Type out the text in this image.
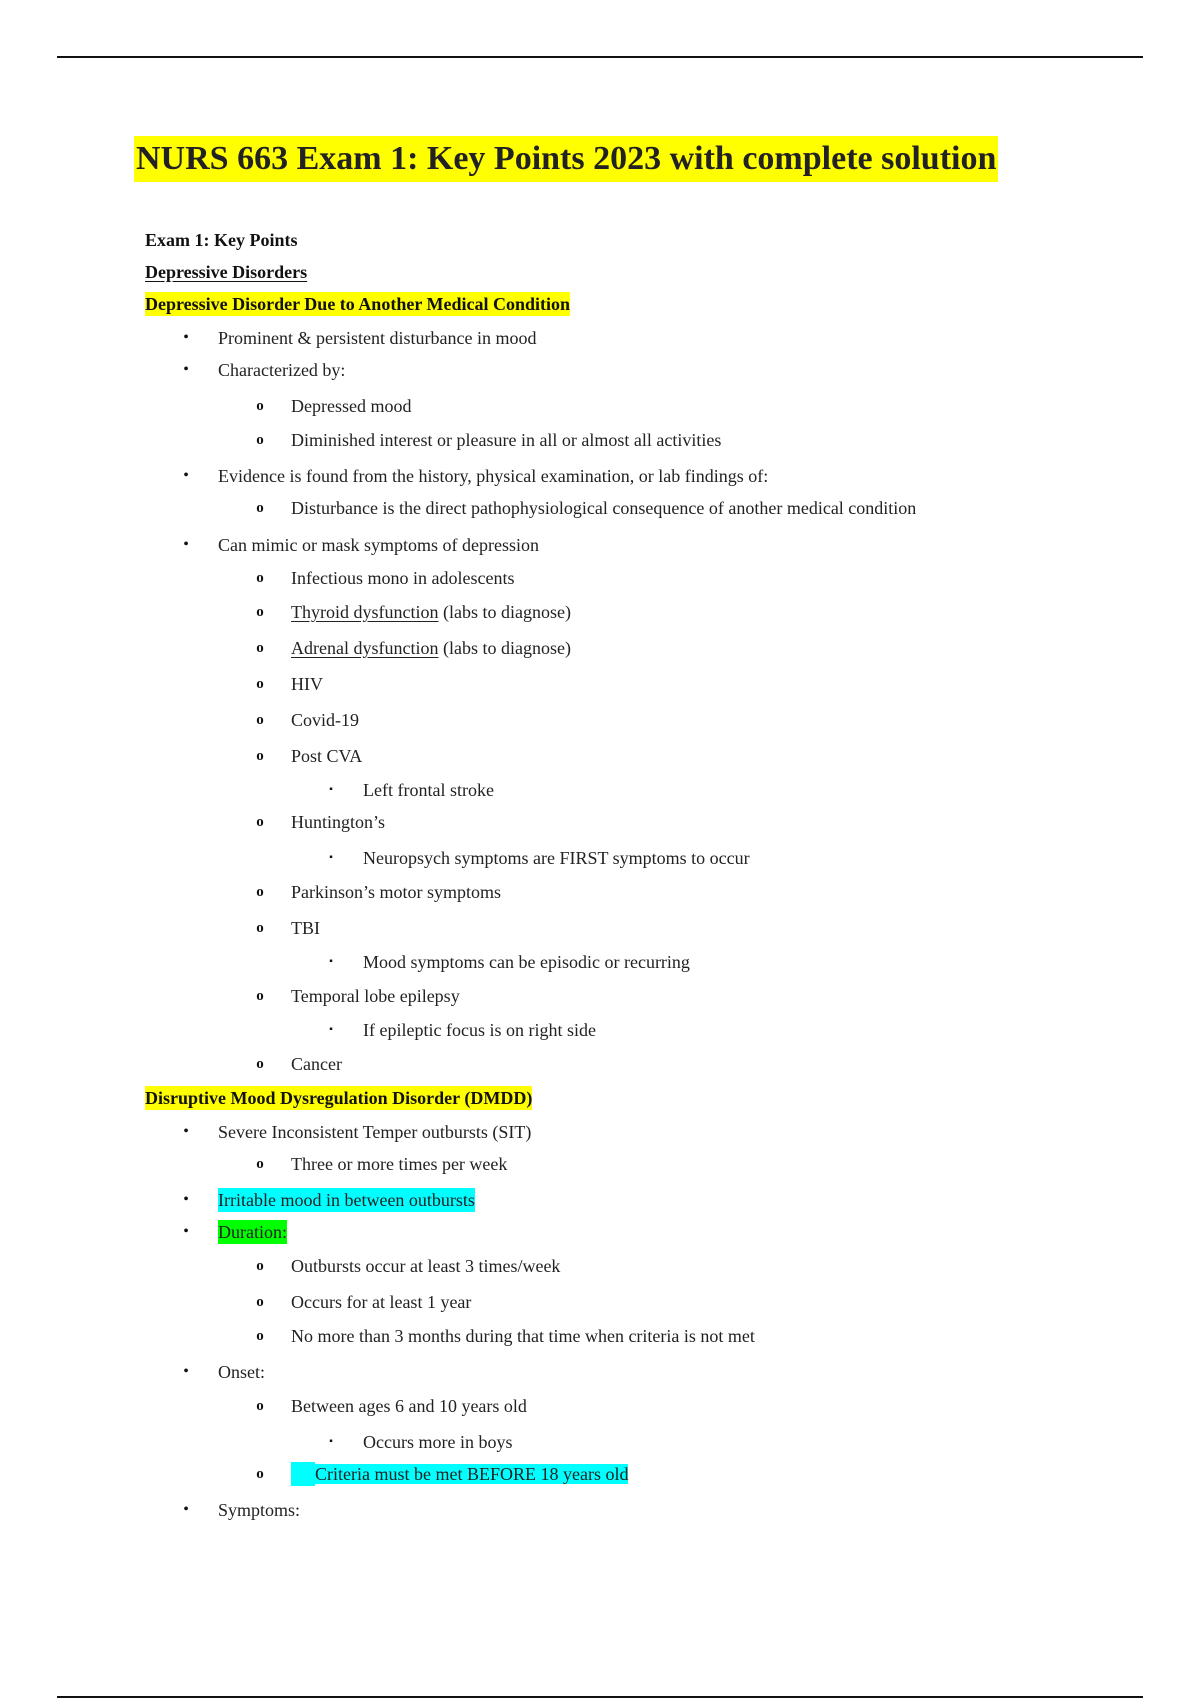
NURS 663 Exam 1: Key Points 2023 with complete solution
Exam 1: Key Points
Depressive Disorders
Depressive Disorder Due to Another Medical Condition
•	Prominent & persistent disturbance in mood
•	Characterized by:
o	Depressed mood
o	Diminished interest or pleasure in all or almost all activities
•	Evidence is found from the history, physical examination, or lab findings of:
o	Disturbance is the direct pathophysiological consequence of another medical condition
•	Can mimic or mask symptoms of depression
o	Infectious mono in adolescents
o	Thyroid dysfunction (labs to diagnose)
o	Adrenal dysfunction (labs to diagnose)
o	HIV
o	Covid-19
o	Post CVA
▪	Left frontal stroke
o	Huntington’s
▪	Neuropsych symptoms are FIRST symptoms to occur
o	Parkinson’s motor symptoms
o	TBI
▪	Mood symptoms can be episodic or recurring
o	Temporal lobe epilepsy
▪	If epileptic focus is on right side
o	Cancer
Disruptive Mood Dysregulation Disorder (DMDD)
•	Severe Inconsistent Temper outbursts (SIT)
o	Three or more times per week
•	Irritable mood in between outbursts
•	Duration:
o	Outbursts occur at least 3 times/week
o	Occurs for at least 1 year
o	No more than 3 months during that time when criteria is not met
•	Onset:
o	Between ages 6 and 10 years old
▪	Occurs more in boys
o	Criteria must be met BEFORE 18 years old
•	Symptoms:
